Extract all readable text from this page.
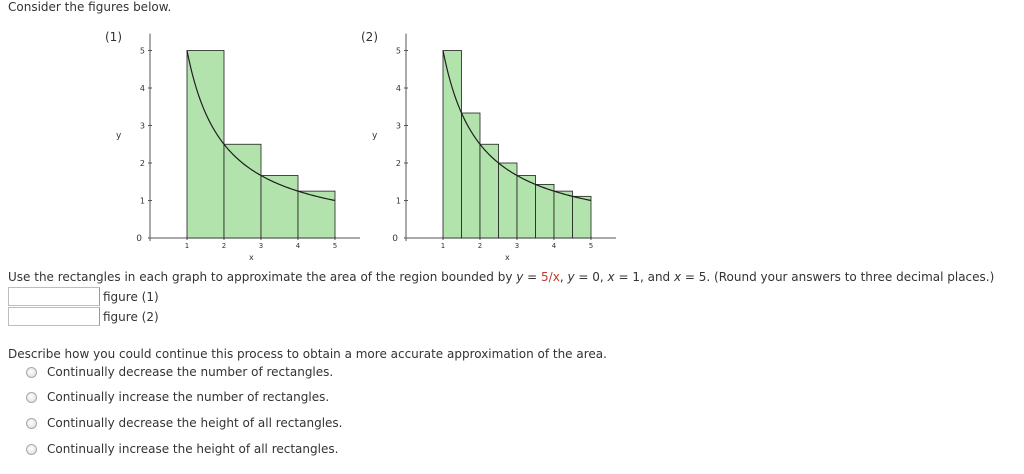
Consider the figures below.
(1)
y
x
0
1
2
3
4
5
1	2	3	4	5
(2)
y
x
0
1
2
3
4
5
1	2	3	4	5
Use the rectangles in each graph to approximate the area of the region bounded by y = 5/x, y = 0, x = 1, and x = 5. (Round your answers to three decimal places.)
figure (1)
figure (2)
Describe how you could continue this process to obtain a more accurate approximation of the area.
Continually decrease the number of rectangles.
Continually increase the number of rectangles.
Continually decrease the height of all rectangles.
Continually increase the height of all rectangles.
